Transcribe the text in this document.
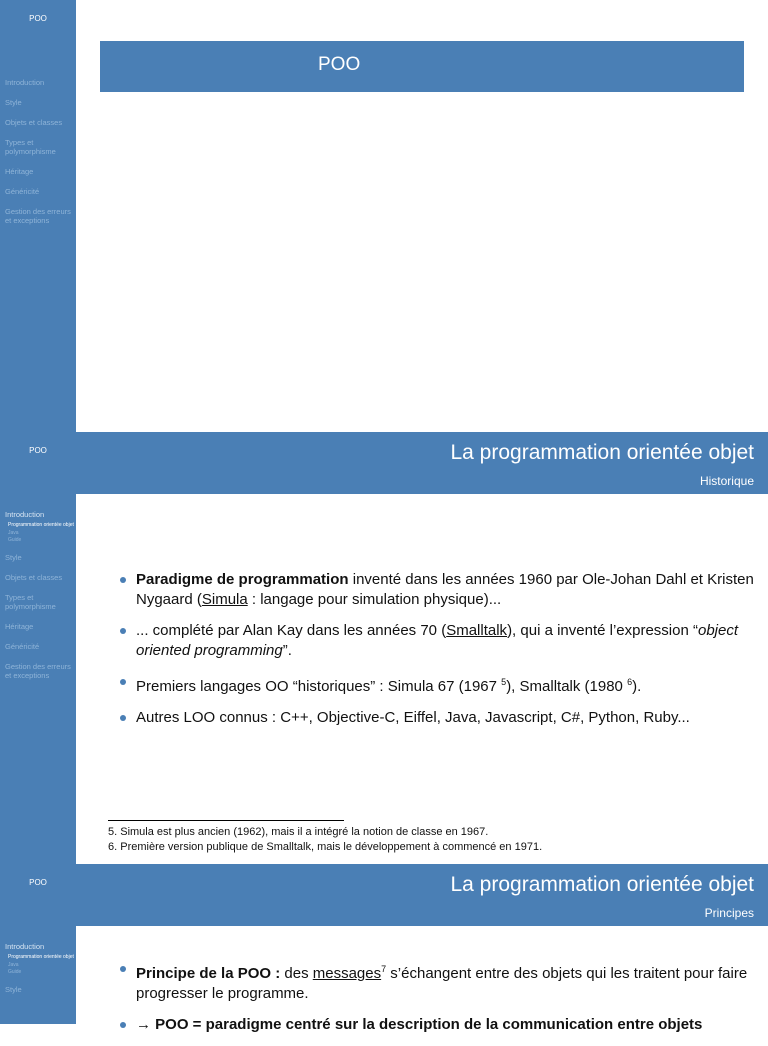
POO
Introduction
Style
Objets et classes
Types et polymorphisme
Héritage
Généricité
Gestion des erreurs et exceptions
POO
POO
Introduction
Programmation orientée objet
Java
Guide
Style
Objets et classes
Types et polymorphisme
Héritage
Généricité
Gestion des erreurs et exceptions
La programmation orientée objet
Historique
Paradigme de programmation inventé dans les années 1960 par Ole-Johan Dahl et Kristen Nygaard (Simula : langage pour simulation physique)...
... complété par Alan Kay dans les années 70 (Smalltalk), qui a inventé l’expression “object oriented programming”.
Premiers langages OO “historiques” : Simula 67 (1967 $^5$), Smalltalk (1980 $^6$).
Autres LOO connus : C++, Objective-C, Eiffel, Java, Javascript, C#, Python, Ruby...
5. Simula est plus ancien (1962), mais il a intégré la notion de classe en 1967.
6. Première version publique de Smalltalk, mais le développement à commencé en 1971.
POO
Introduction
Programmation orientée objet
Java
Guide
Style
La programmation orientée objet
Principes
Principe de la POO : des messages$^7$ s’échangent entre des objets qui les traitent pour faire progresser le programme.
→ POO = paradigme centré sur la description de la communication entre objets
